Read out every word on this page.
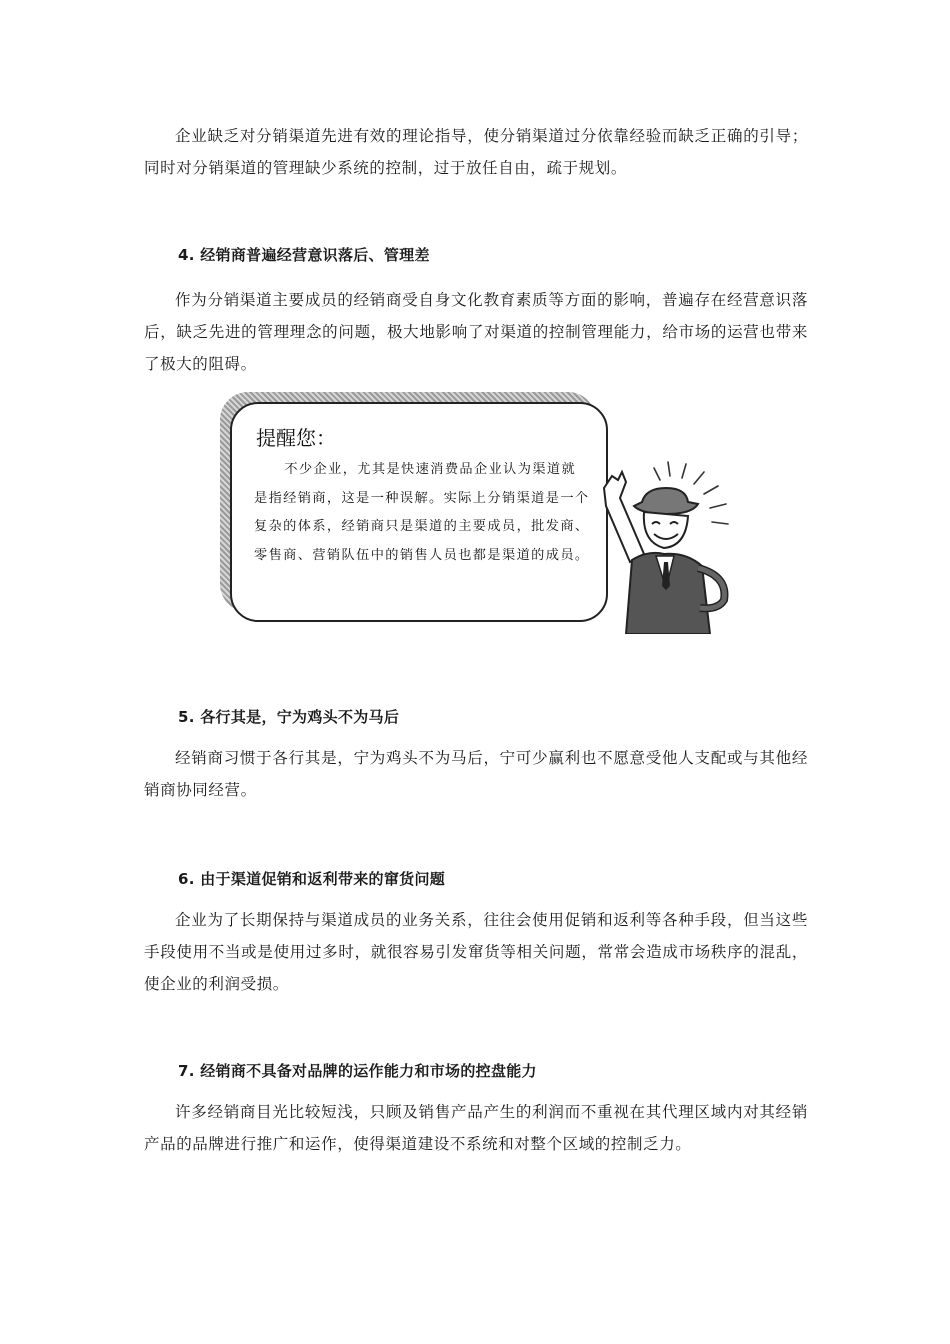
企业缺乏对分销渠道先进有效的理论指导，使分销渠道过分依靠经验而缺乏正确的引导；同时对分销渠道的管理缺少系统的控制，过于放任自由，疏于规划。

4. 经销商普遍经营意识落后、管理差

作为分销渠道主要成员的经销商受自身文化教育素质等方面的影响，普遍存在经营意识落后，缺乏先进的管理理念的问题，极大地影响了对渠道的控制管理能力，给市场的运营也带来了极大的阻碍。

提醒您：

不少企业，尤其是快速消费品企业认为渠道就是指经销商，这是一种误解。实际上分销渠道是一个复杂的体系，经销商只是渠道的主要成员，批发商、零售商、营销队伍中的销售人员也都是渠道的成员。

5. 各行其是，宁为鸡头不为马后

经销商习惯于各行其是，宁为鸡头不为马后，宁可少赢利也不愿意受他人支配或与其他经销商协同经营。

6. 由于渠道促销和返利带来的窜货问题

企业为了长期保持与渠道成员的业务关系，往往会使用促销和返利等各种手段，但当这些手段使用不当或是使用过多时，就很容易引发窜货等相关问题，常常会造成市场秩序的混乱，使企业的利润受损。

7. 经销商不具备对品牌的运作能力和市场的控盘能力

许多经销商目光比较短浅，只顾及销售产品产生的利润而不重视在其代理区域内对其经销产品的品牌进行推广和运作，使得渠道建设不系统和对整个区域的控制乏力。
